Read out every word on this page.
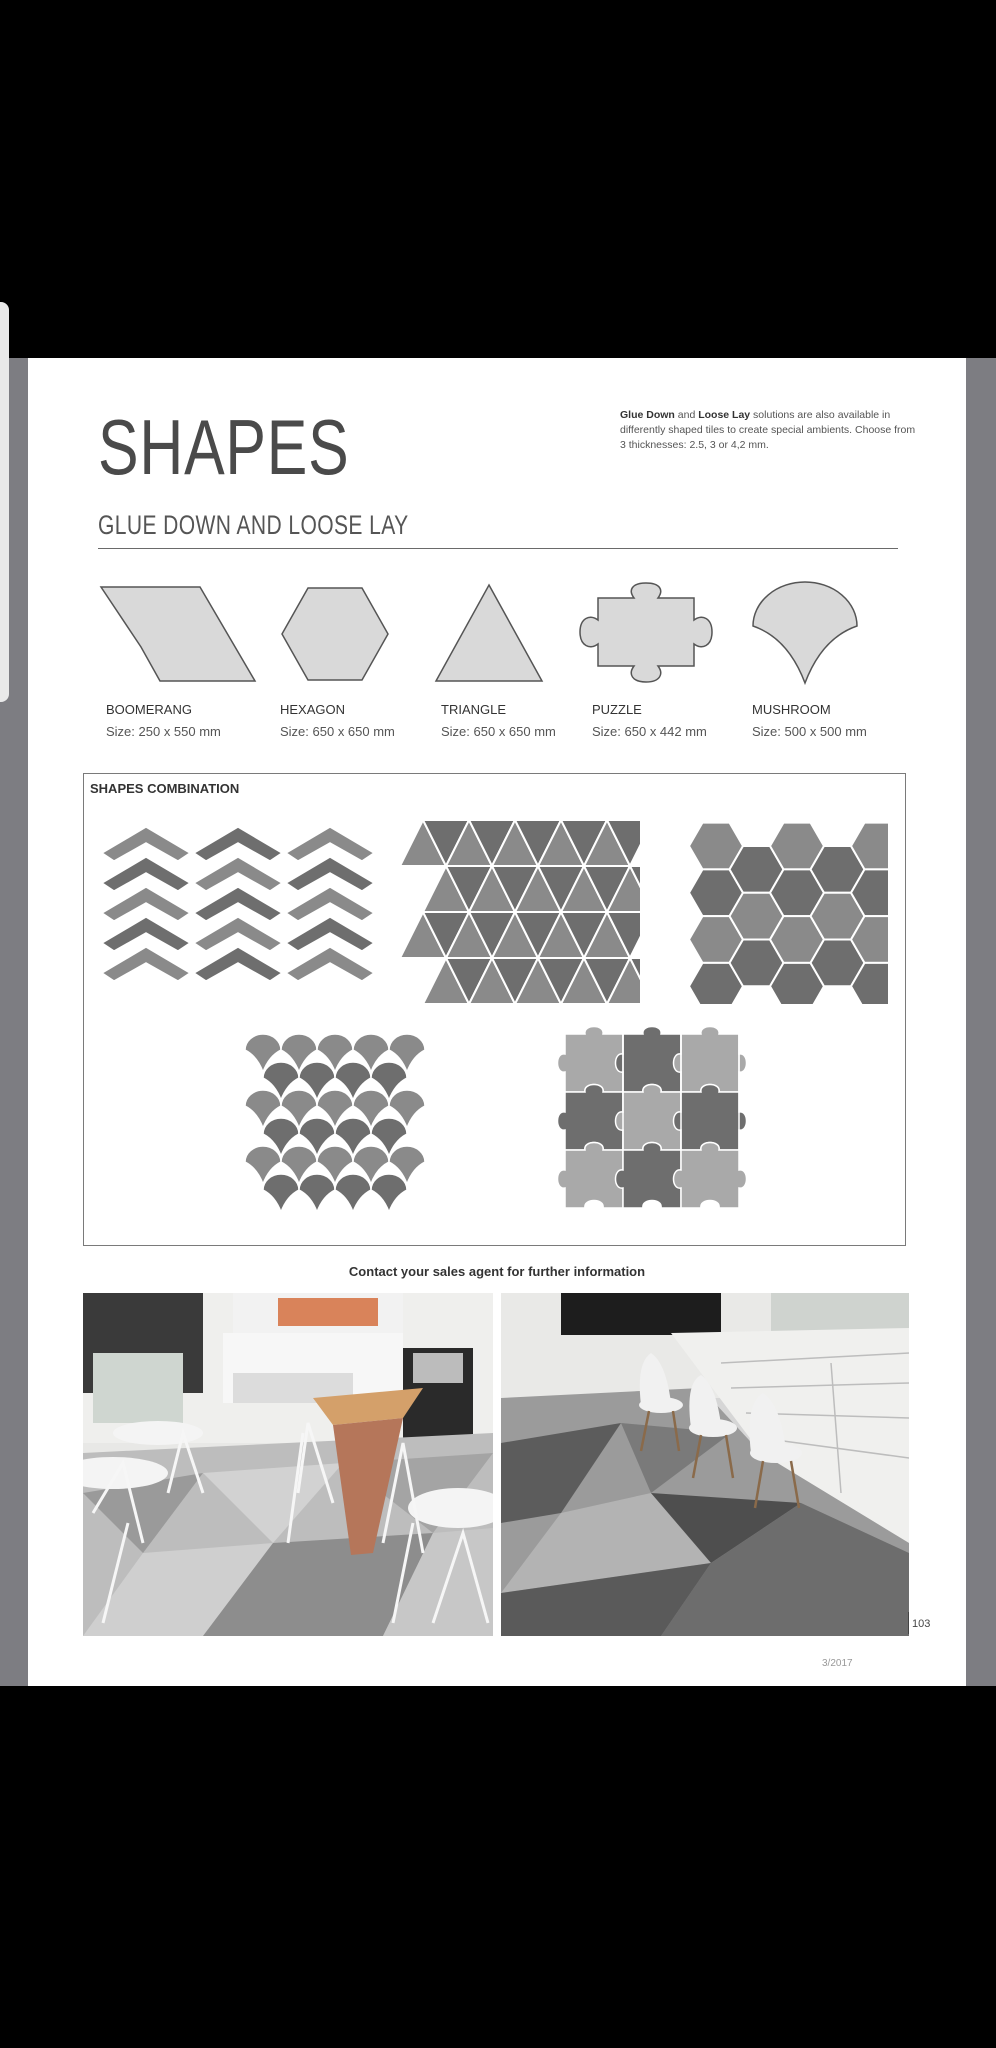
SHAPES
GLUE DOWN AND LOOSE LAY
Glue Down and Loose Lay solutions are also available in differently shaped tiles to create special ambients. Choose from 3 thicknesses: 2.5, 3 or 4,2 mm.
BOOMERANG
Size: 250 x 550 mm
HEXAGON
Size: 650 x 650 mm
TRIANGLE
Size: 650 x 650 mm
PUZZLE
Size: 650 x 442 mm
MUSHROOM
Size: 500 x 500 mm
SHAPES COMBINATION
Contact your sales agent for further information
103
3/2017
